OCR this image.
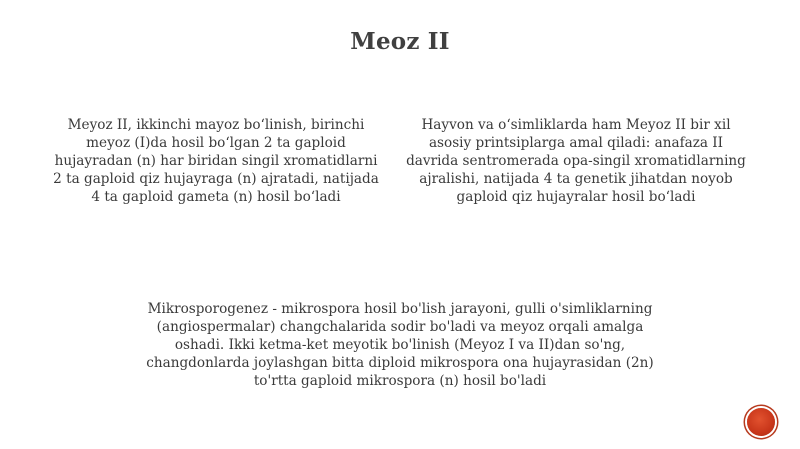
Meoz II

Meyoz II, ikkinchi mayoz bo‘linish, birinchi meyoz (I)da hosil bo‘lgan 2 ta gaploid hujayradan (n) har biridan singil xromatidlarni 2 ta gaploid qiz hujayraga (n) ajratadi, natijada 4 ta gaploid gameta (n) hosil bo‘ladi

Hayvon va o‘simliklarda ham Meyoz II bir xil asosiy printsiplarga amal qiladi: anafaza II davrida sentromerada opa-singil xromatidlarning ajralishi, natijada 4 ta genetik jihatdan noyob gaploid qiz hujayralar hosil bo‘ladi

Mikrosporogenez - mikrospora hosil bo'lish jarayoni, gulli o'simliklarning (angiospermalar) changchalarida sodir bo'ladi va meyoz orqali amalga oshadi. Ikki ketma-ket meyotik bo'linish (Meyoz I va II)dan so'ng, changdonlarda joylashgan bitta diploid mikrospora ona hujayrasidan (2n) to'rtta gaploid mikrospora (n) hosil bo'ladi
